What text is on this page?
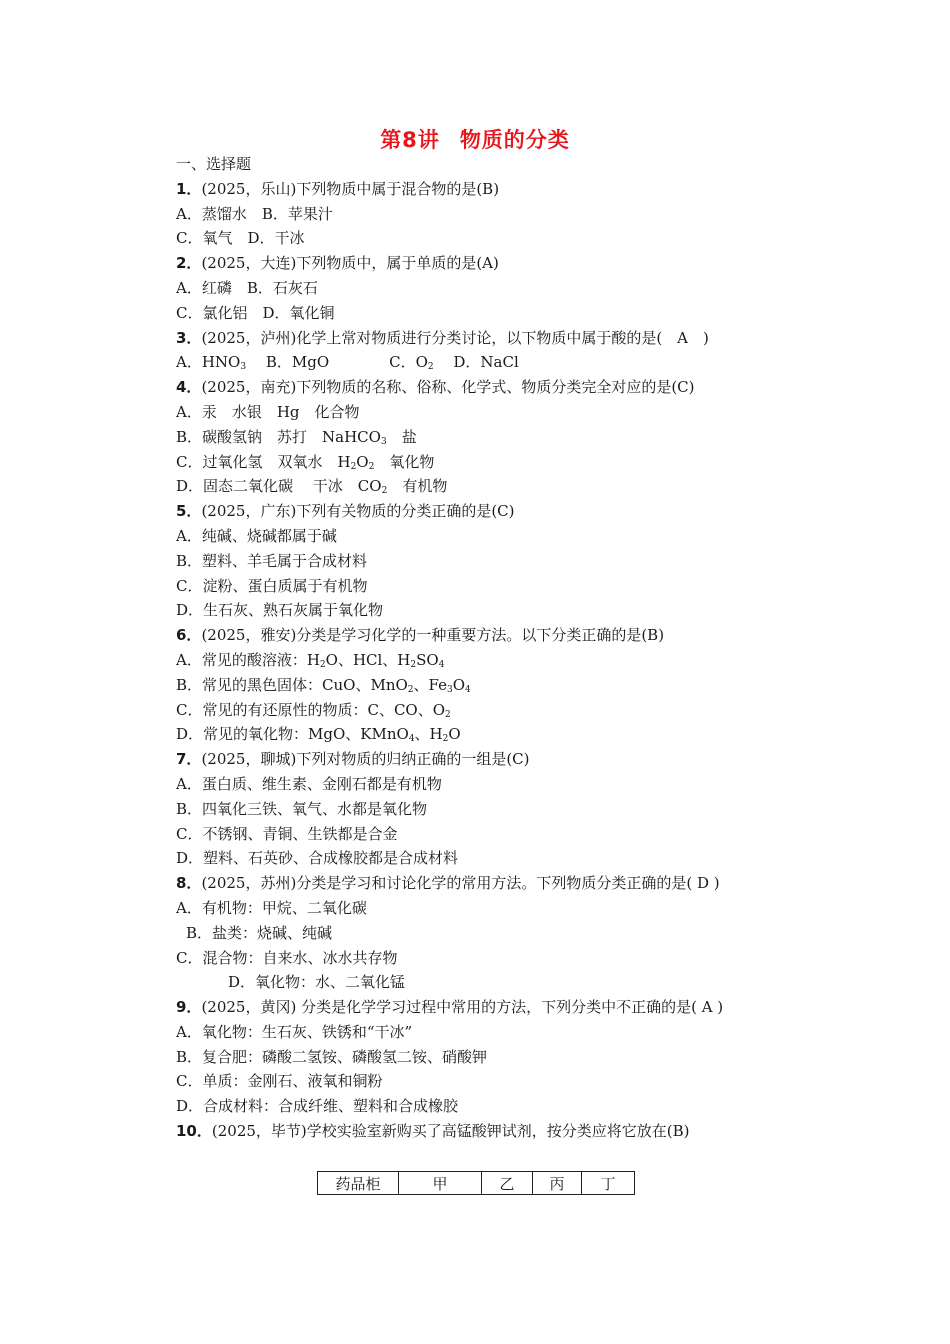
第8讲 物质的分类
一、选择题
1．(2025，乐山)下列物质中属于混合物的是(B)
A．蒸馏水　B．苹果汁
C．氧气　D．干冰
2．(2025，大连)下列物质中，属于单质的是(A)
A．红磷　B．石灰石
C．氯化铝　D．氧化铜
3．(2025，泸州)化学上常对物质进行分类讨论，以下物质中属于酸的是(　A　)
A．$HNO_3$　 B．MgO　　　　C．$O_2$　 D．NaCl
4．(2025，南充)下列物质的名称、俗称、化学式、物质分类完全对应的是(C)
A．汞　水银　Hg　化合物
B．碳酸氢钠　苏打　NaHCO$_3$　盐
C．过氧化氢　双氧水　$H_2O_2$　氧化物
D．固态二氧化碳　 干冰　$CO_2$　有机物
5．(2025，广东)下列有关物质的分类正确的是(C)
A．纯碱、烧碱都属于碱
B．塑料、羊毛属于合成材料
C．淀粉、蛋白质属于有机物
D．生石灰、熟石灰属于氧化物
6．(2025，雅安)分类是学习化学的一种重要方法。以下分类正确的是(B)
A．常见的酸溶液：$H_2O$、HCl、$H_2SO_4$
B．常见的黑色固体：CuO、MnO$_2$、$Fe_3O_4$
C．常见的有还原性的物质：C、CO、$O_2$
D．常见的氧化物：MgO、KMnO$_4$、$H_2O$
7．(2025，聊城)下列对物质的归纳正确的一组是(C)
A．蛋白质、维生素、金刚石都是有机物
B．四氧化三铁、氧气、水都是氧化物
C．不锈钢、青铜、生铁都是合金
D．塑料、石英砂、合成橡胶都是合成材料
8．(2025，苏州)分类是学习和讨论化学的常用方法。下列物质分类正确的是( D )
A．有机物：甲烷、二氧化碳
B．盐类：烧碱、纯碱
C．混合物：自来水、冰水共存物
D．氧化物：水、二氧化锰
9．(2025，黄冈) 分类是化学学习过程中常用的方法，下列分类中不正确的是( A )
A．氧化物：生石灰、铁锈和“干冰”
B．复合肥：磷酸二氢铵、磷酸氢二铵、硝酸钾
C．单质：金刚石、液氧和铜粉
D．合成材料：合成纤维、塑料和合成橡胶
10．(2025，毕节)学校实验室新购买了高锰酸钾试剂，按分类应将它放在(B)
药品柜	甲	乙	丙	丁
